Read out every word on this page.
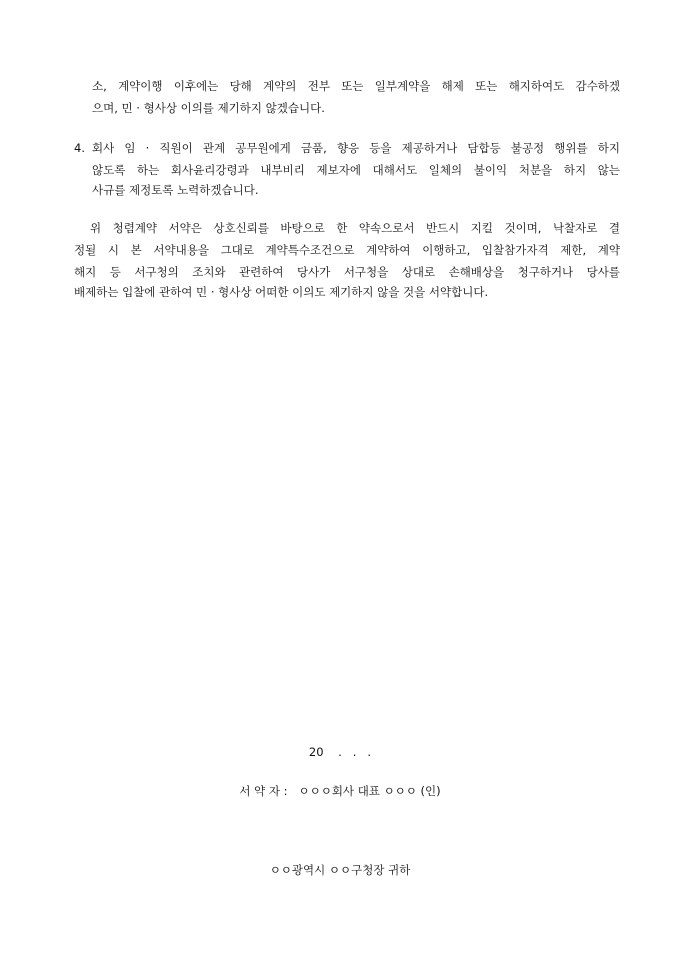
소, 계약이행 이후에는 당해 계약의 전부 또는 일부계약을 해제 또는 해지하여도 감수하겠
으며, 민 · 형사상 이의를 제기하지 않겠습니다.
4. 회사 임 · 직원이 관계 공무원에게 금품, 향응 등을 제공하거나 담합등 불공정 행위를 하지
않도록 하는 회사윤리강령과 내부비리 제보자에 대해서도 일체의 불이익 처분을 하지 않는
사규를 제정토록 노력하겠습니다.
위 청렴계약 서약은 상호신뢰를 바탕으로 한 약속으로서 반드시 지킬 것이며, 낙찰자로 결
정될 시 본 서약내용을 그대로 계약특수조건으로 계약하여 이행하고, 입찰참가자격 제한, 계약
해지 등 서구청의 조치와 관련하여 당사가 서구청을 상대로 손해배상을 청구하거나 당사를
배제하는 입찰에 관하여 민 · 형사상 어떠한 이의도 제기하지 않을 것을 서약합니다.
20    .   .   .
서 약 자 :   ㅇㅇㅇ회사 대표 ㅇㅇㅇ (인)
ㅇㅇ광역시 ㅇㅇ구청장 귀하
